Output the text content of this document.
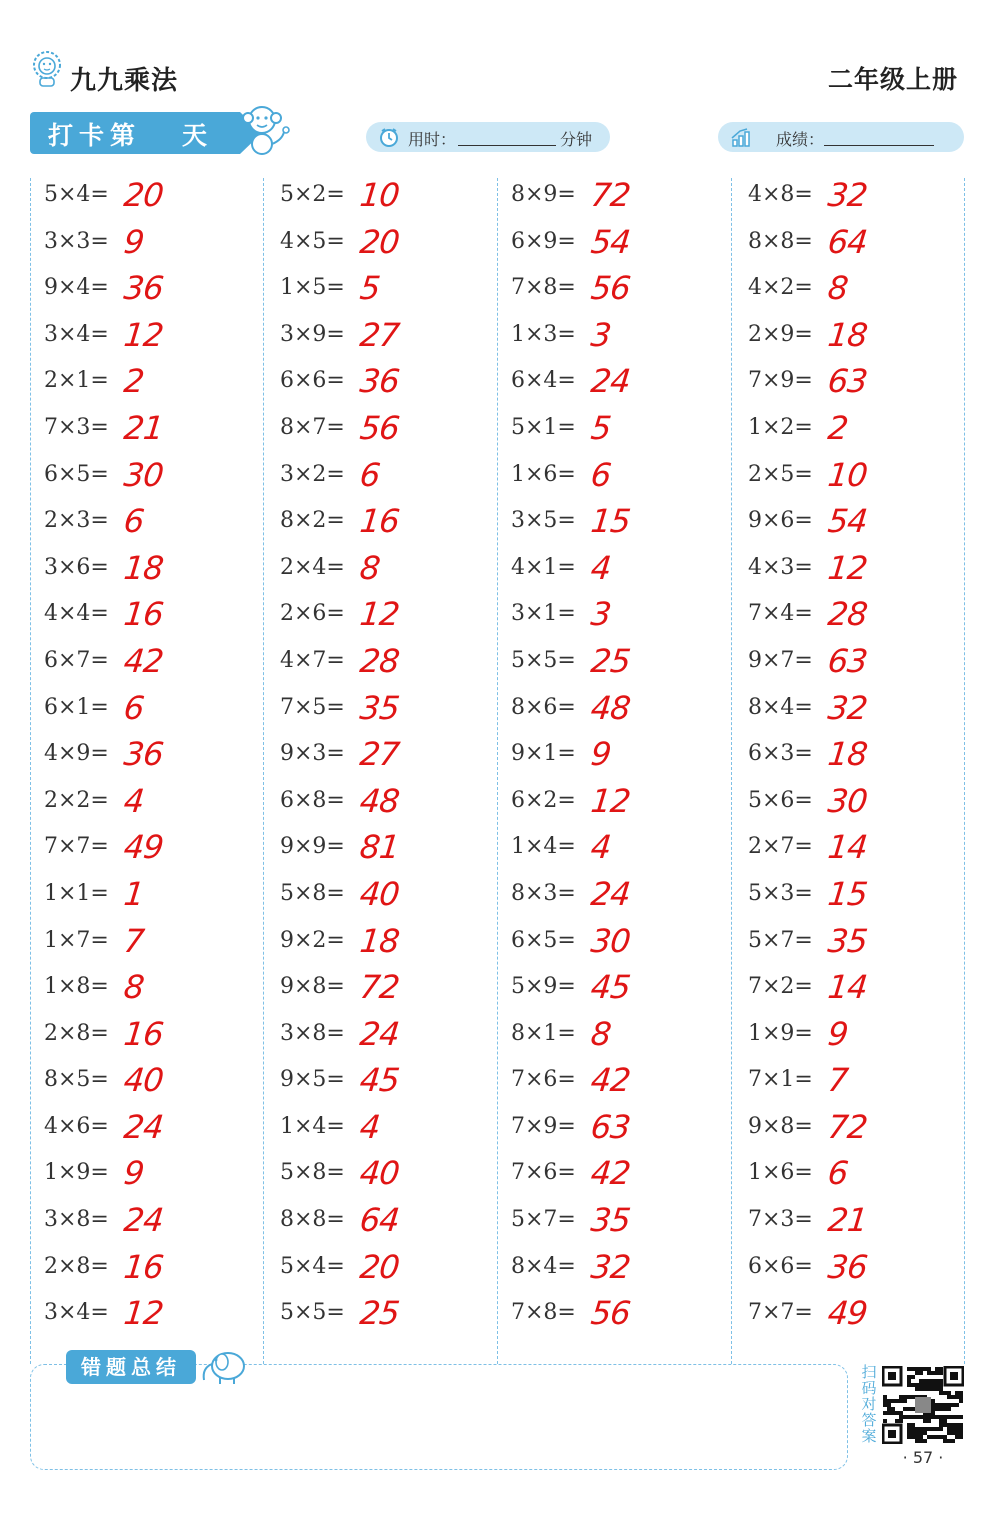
九九乘法	二年级上册
打卡第 天	用时：	分钟	成绩：
5×4= 20
3×3= 9
9×4= 36
3×4= 12
2×1= 2
7×3= 21
6×5= 30
2×3= 6
3×6= 18
4×4= 16
6×7= 42
6×1= 6
4×9= 36
2×2= 4
7×7= 49
1×1= 1
1×7= 7
1×8= 8
2×8= 16
8×5= 40
4×6= 24
1×9= 9
3×8= 24
2×8= 16
3×4= 12
5×2= 10
4×5= 20
1×5= 5
3×9= 27
6×6= 36
8×7= 56
3×2= 6
8×2= 16
2×4= 8
2×6= 12
4×7= 28
7×5= 35
9×3= 27
6×8= 48
9×9= 81
5×8= 40
9×2= 18
9×8= 72
3×8= 24
9×5= 45
1×4= 4
5×8= 40
8×8= 64
5×4= 20
5×5= 25
8×9= 72
6×9= 54
7×8= 56
1×3= 3
6×4= 24
5×1= 5
1×6= 6
3×5= 15
4×1= 4
3×1= 3
5×5= 25
8×6= 48
9×1= 9
6×2= 12
1×4= 4
8×3= 24
6×5= 30
5×9= 45
8×1= 8
7×6= 42
7×9= 63
7×6= 42
5×7= 35
8×4= 32
7×8= 56
4×8= 32
8×8= 64
4×2= 8
2×9= 18
7×9= 63
1×2= 2
2×5= 10
9×6= 54
4×3= 12
7×4= 28
9×7= 63
8×4= 32
6×3= 18
5×6= 30
2×7= 14
5×3= 15
5×7= 35
7×2= 14
1×9= 9
7×1= 7
9×8= 72
1×6= 6
7×3= 21
6×6= 36
7×7= 49
错题总结	扫码对答案
· 57 ·
